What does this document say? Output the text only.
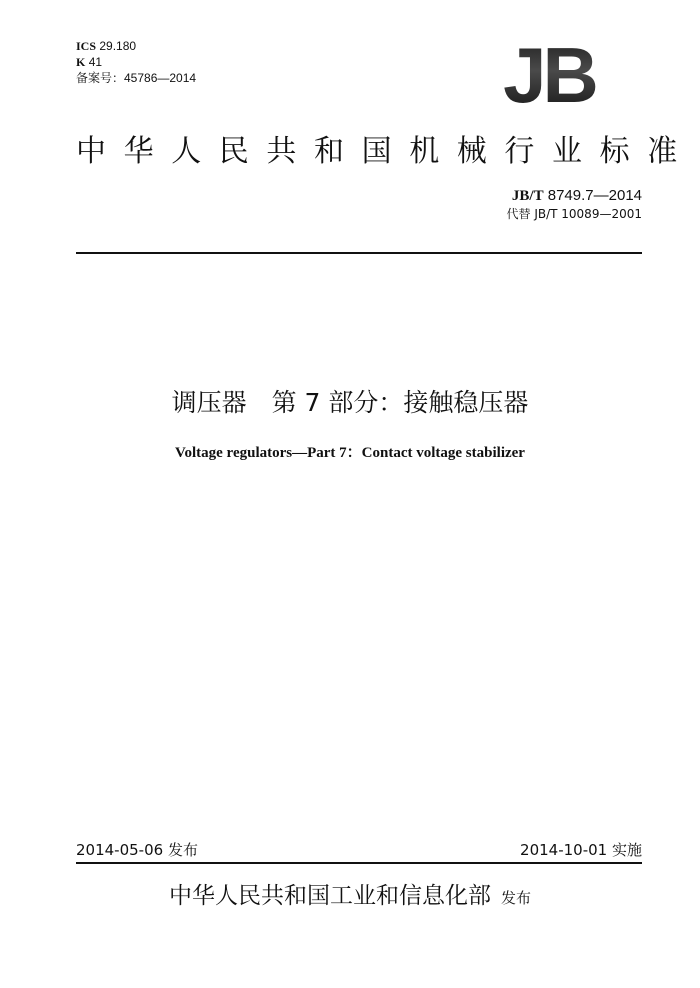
ICS 29.180
K 41
备案号：45786—2014	JB
中华人民共和国机械行业标准
JB/T 8749.7—2014
代替 JB/T 10089—2001
调压器　第 7 部分：接触稳压器
Voltage regulators—Part 7：Contact voltage stabilizer
2014-05-06 发布	2014-10-01 实施
中华人民共和国工业和信息化部 发布
